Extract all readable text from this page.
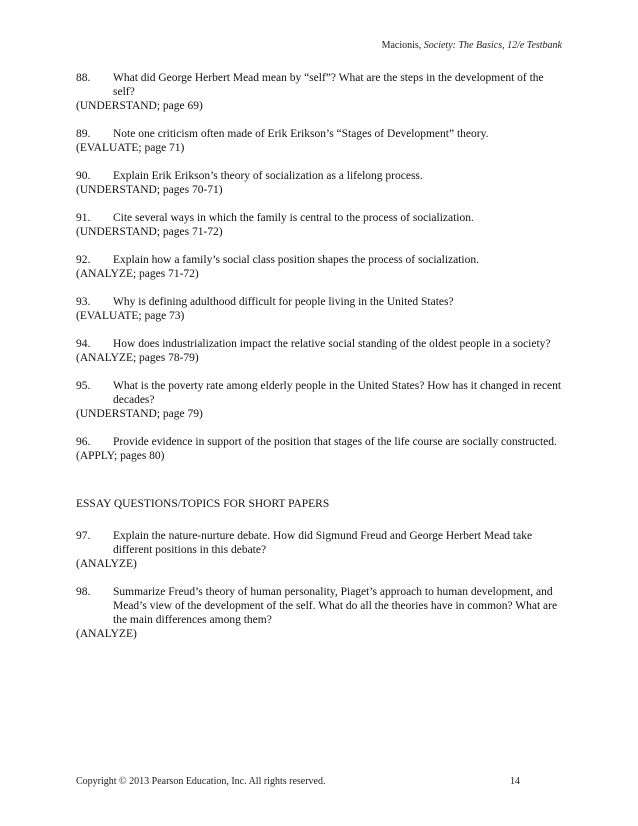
Macionis, Society: The Basics, 12/e Testbank
88.	What did George Herbert Mead mean by “self”? What are the steps in the development of the self?
(UNDERSTAND; page 69)
89.	Note one criticism often made of Erik Erikson’s “Stages of Development” theory.
(EVALUATE; page 71)
90.	Explain Erik Erikson’s theory of socialization as a lifelong process.
(UNDERSTAND; pages 70-71)
91.	Cite several ways in which the family is central to the process of socialization.
(UNDERSTAND; pages 71-72)
92.	Explain how a family’s social class position shapes the process of socialization.
(ANALYZE; pages 71-72)
93.	Why is defining adulthood difficult for people living in the United States?
(EVALUATE; page 73)
94.	How does industrialization impact the relative social standing of the oldest people in a society?
(ANALYZE; pages 78-79)
95.	What is the poverty rate among elderly people in the United States? How has it changed in recent decades?
(UNDERSTAND; page 79)
96.	Provide evidence in support of the position that stages of the life course are socially constructed.
(APPLY; pages 80)
ESSAY QUESTIONS/TOPICS FOR SHORT PAPERS
97.	Explain the nature-nurture debate. How did Sigmund Freud and George Herbert Mead take different positions in this debate?
(ANALYZE)
98.	Summarize Freud’s theory of human personality, Piaget’s approach to human development, and Mead’s view of the development of the self. What do all the theories have in common? What are the main differences among them?
(ANALYZE)
Copyright © 2013 Pearson Education, Inc. All rights reserved.	14
